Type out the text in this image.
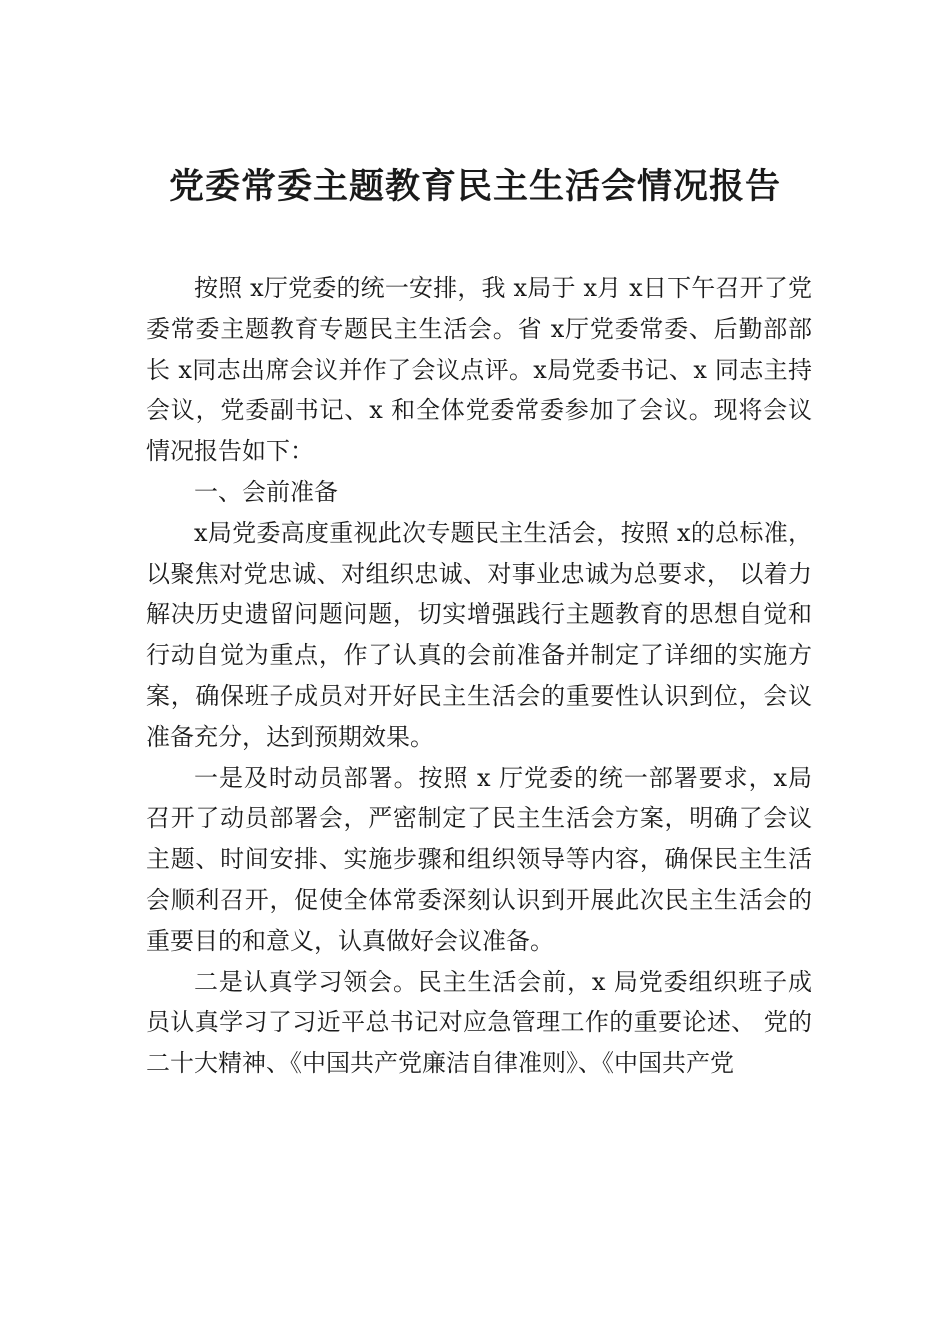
党委常委主题教育民主生活会情况报告

按照 x厅党委的统一安排，我 x局于 x月 x日下午召开了党委常委主题教育专题民主生活会。省 x厅党委常委、后勤部部长 x同志出席会议并作了会议点评。x局党委书记、x 同志主持会议，党委副书记、x 和全体党委常委参加了会议。现将会议情况报告如下：

一、会前准备

x局党委高度重视此次专题民主生活会，按照 x的总标准，以聚焦对党忠诚、对组织忠诚、对事业忠诚为总要求， 以着力解决历史遗留问题问题，切实增强践行主题教育的思想自觉和行动自觉为重点，作了认真的会前准备并制定了详细的实施方案，确保班子成员对开好民主生活会的重要性认识到位，会议准备充分，达到预期效果。

一是及时动员部署。按照 x 厅党委的统一部署要求，x局召开了动员部署会，严密制定了民主生活会方案，明确了会议主题、时间安排、实施步骤和组织领导等内容，确保民主生活会顺利召开，促使全体常委深刻认识到开展此次民主生活会的重要目的和意义，认真做好会议准备。

二是认真学习领会。民主生活会前，x 局党委组织班子成员认真学习了习近平总书记对应急管理工作的重要论述、 党的二十大精神、《中国共产党廉洁自律准则》、《中国共产党
